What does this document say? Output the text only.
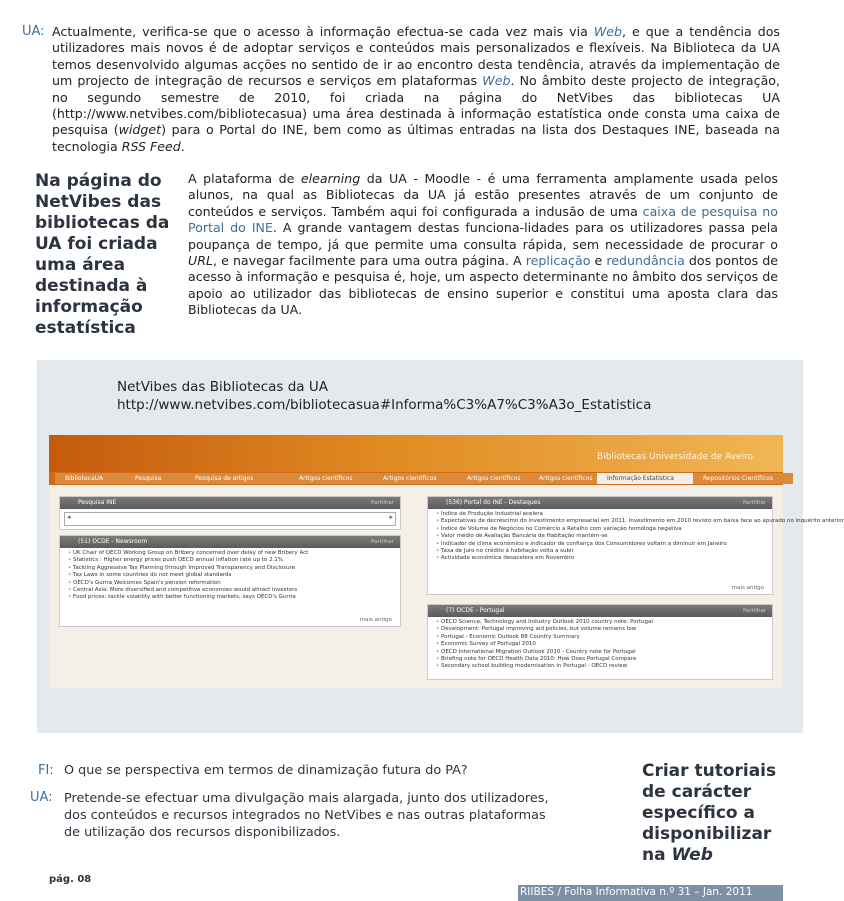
UA: Actualmente, verifica-se que o acesso à informação efectua-se cada vez mais via Web, e que a tendência dos utilizadores mais novos é de adoptar serviços e conteúdos mais personalizados e flexíveis. Na Biblioteca da UA temos desenvolvido algumas acções no sentido de ir ao encontro desta tendência, através da implementação de um projecto de integração de recursos e serviços em plataformas Web. No âmbito deste projecto de integração, no segundo semestre de 2010, foi criada na página do NetVibes das bibliotecas UA (http://www.netvibes.com/bibliotecasua) uma área destinada à informação estatística onde consta uma caixa de pesquisa (widget) para o Portal do INE, bem como as últimas entradas na lista dos Destaques INE, baseada na tecnologia RSS Feed.
Na página do
NetVibes das
bibliotecas da
UA foi criada
uma área
destinada à
informação
estatística
A plataforma de elearning da UA - Moodle - é uma ferramenta amplamente usada pelos alunos, na qual as Bibliotecas da UA já estão presentes através de um conjunto de conteúdos e serviços. Também aqui foi configurada a indusão de uma caixa de pesquisa no Portal do INE. A grande vantagem destas funciona-lidades para os utilizadores passa pela poupança de tempo, já que permite uma consulta rápida, sem necessidade de procurar o URL, e navegar facilmente para uma outra página. A replicação e redundância dos pontos de acesso à informação e pesquisa é, hoje, um aspecto determinante no âmbito dos serviços de apoio ao utilizador das bibliotecas de ensino superior e constitui uma aposta clara das Bibliotecas da UA.
NetVibes das Bibliotecas da UA
http://www.netvibes.com/bibliotecasua#Informa%C3%A7%C3%A3o_Estatistica
Bibliotecas Universidade de Aveiro
BibliotecaUA	Pesquisa	Pesquisa de artigos	Artigos científicos	Artigos científicos	Artigos científicos	Artigos científicos	Informação Estatística	Repositórios Científicos
Pesquisa INE	Partilhar
◂	▸
(51) OCDE - Newsroom	Partilhar
• UK Chair of OECD Working Group on Bribery concerned over delay of new Bribery Act
• Statistics : Higher energy prices push OECD annual inflation rate up to 2.1%
• Tackling Aggressive Tax Planning through Improved Transparency and Disclosure
• Tax Laws in some countries do not meet global standards
• OECD's Gurria Welcomes Spain's pension reformation
• Central Asia: More diversified and competitive economies would attract investors
• Food prices: tackle volatility with better functioning markets, says OECD's Gurria
mais antigo
(536) Portal do INE - Destaques	Partilhar
• Índice de Produção Industrial acelera
• Expectativas de decréscimo do investimento empresarial em 2011. Investimento em 2010 revisto em baixa face ao apurado no inquérito anterior
• Índice de Volume de Negócios no Comércio a Retalho com variação homóloga negativa
• Valor médio de Avaliação Bancária de Habitação mantém-se
• Indicador de clima económico e indicador de confiança dos Consumidores voltam a diminuir em Janeiro
• Taxa de Juro no crédito à habitação volta a subir
• Actividade económica desacelera em Novembro
mais antigo
(7) OCDE - Portugal	Partilhar
• OECD Science, Technology and Industry Outlook 2010 country note: Portugal
• Development: Portugal improving aid policies, but volume remains low
• Portugal - Economic Outlook 88 Country Summary
• Economic Survey of Portugal 2010
• OECD International Migration Outlook 2010 - Country note for Portugal
• Briefing note for OECD Health Data 2010: How Does Portugal Compare
• Secondary school building modernisation in Portugal - OECD review
FI: O que se perspectiva em termos de dinamização futura do PA?
UA: Pretende-se efectuar uma divulgação mais alargada, junto dos utilizadores,
dos conteúdos e recursos integrados no NetVibes e nas outras plataformas
de utilização dos recursos disponibilizados.
Criar tutoriais
de carácter
específico a
disponibilizar
na Web
pág. 08
RIIBES / Folha Informativa n.º 31 – Jan. 2011
